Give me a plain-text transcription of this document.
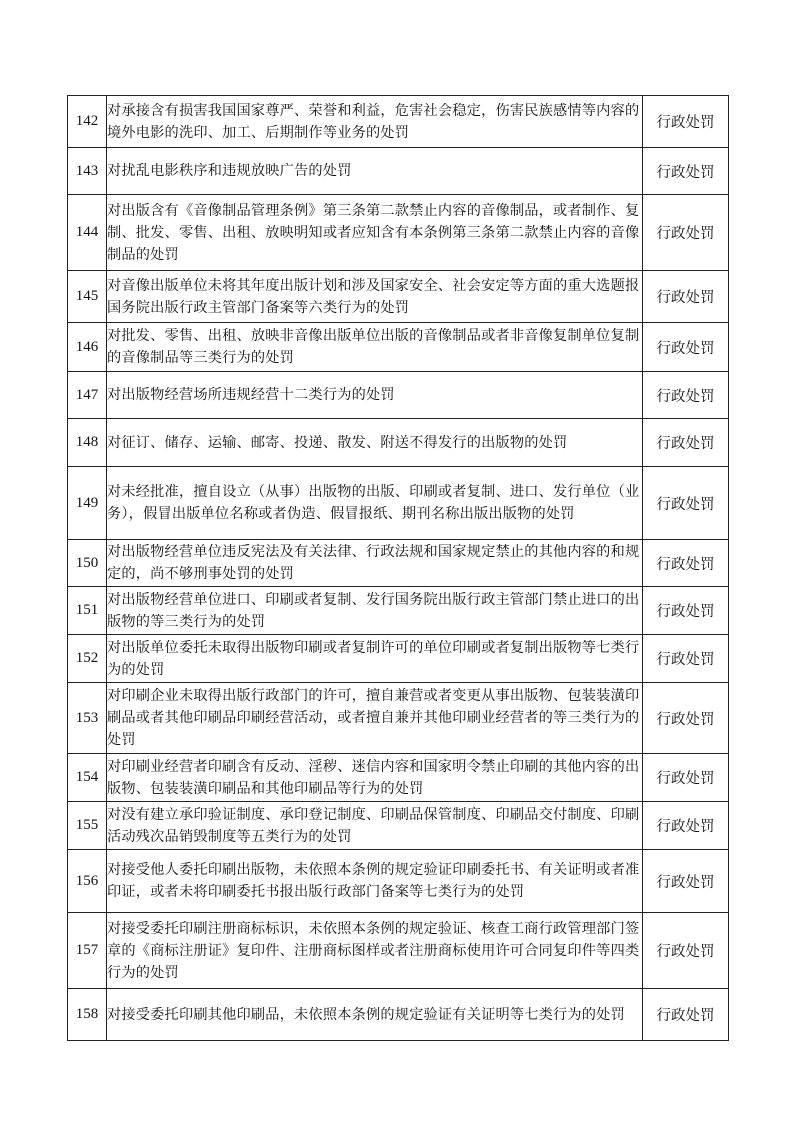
142	对承接含有损害我国国家尊严、荣誉和利益，危害社会稳定，伤害民族感情等内容的境外电影的洗印、加工、后期制作等业务的处罚	行政处罚
143	对扰乱电影秩序和违规放映广告的处罚	行政处罚
144	对出版含有《音像制品管理条例》第三条第二款禁止内容的音像制品，或者制作、复制、批发、零售、出租、放映明知或者应知含有本条例第三条第二款禁止内容的音像制品的处罚	行政处罚
145	对音像出版单位未将其年度出版计划和涉及国家安全、社会安定等方面的重大选题报国务院出版行政主管部门备案等六类行为的处罚	行政处罚
146	对批发、零售、出租、放映非音像出版单位出版的音像制品或者非音像复制单位复制的音像制品等三类行为的处罚	行政处罚
147	对出版物经营场所违规经营十二类行为的处罚	行政处罚
148	对征订、储存、运输、邮寄、投递、散发、附送不得发行的出版物的处罚	行政处罚
149	对未经批准，擅自设立（从事）出版物的出版、印刷或者复制、进口、发行单位（业务），假冒出版单位名称或者伪造、假冒报纸、期刊名称出版出版物的处罚	行政处罚
150	对出版物经营单位违反宪法及有关法律、行政法规和国家规定禁止的其他内容的和规定的，尚不够刑事处罚的处罚	行政处罚
151	对出版物经营单位进口、印刷或者复制、发行国务院出版行政主管部门禁止进口的出版物的等三类行为的处罚	行政处罚
152	对出版单位委托未取得出版物印刷或者复制许可的单位印刷或者复制出版物等七类行为的处罚	行政处罚
153	对印刷企业未取得出版行政部门的许可，擅自兼营或者变更从事出版物、包装装潢印刷品或者其他印刷品印刷经营活动，或者擅自兼并其他印刷业经营者的等三类行为的处罚	行政处罚
154	对印刷业经营者印刷含有反动、淫秽、迷信内容和国家明令禁止印刷的其他内容的出版物、包装装潢印刷品和其他印刷品等行为的处罚	行政处罚
155	对没有建立承印验证制度、承印登记制度、印刷品保管制度、印刷品交付制度、印刷活动残次品销毁制度等五类行为的处罚	行政处罚
156	对接受他人委托印刷出版物，未依照本条例的规定验证印刷委托书、有关证明或者准印证，或者未将印刷委托书报出版行政部门备案等七类行为的处罚	行政处罚
157	对接受委托印刷注册商标标识，未依照本条例的规定验证、核查工商行政管理部门签章的《商标注册证》复印件、注册商标图样或者注册商标使用许可合同复印件等四类行为的处罚	行政处罚
158	对接受委托印刷其他印刷品，未依照本条例的规定验证有关证明等七类行为的处罚	行政处罚
